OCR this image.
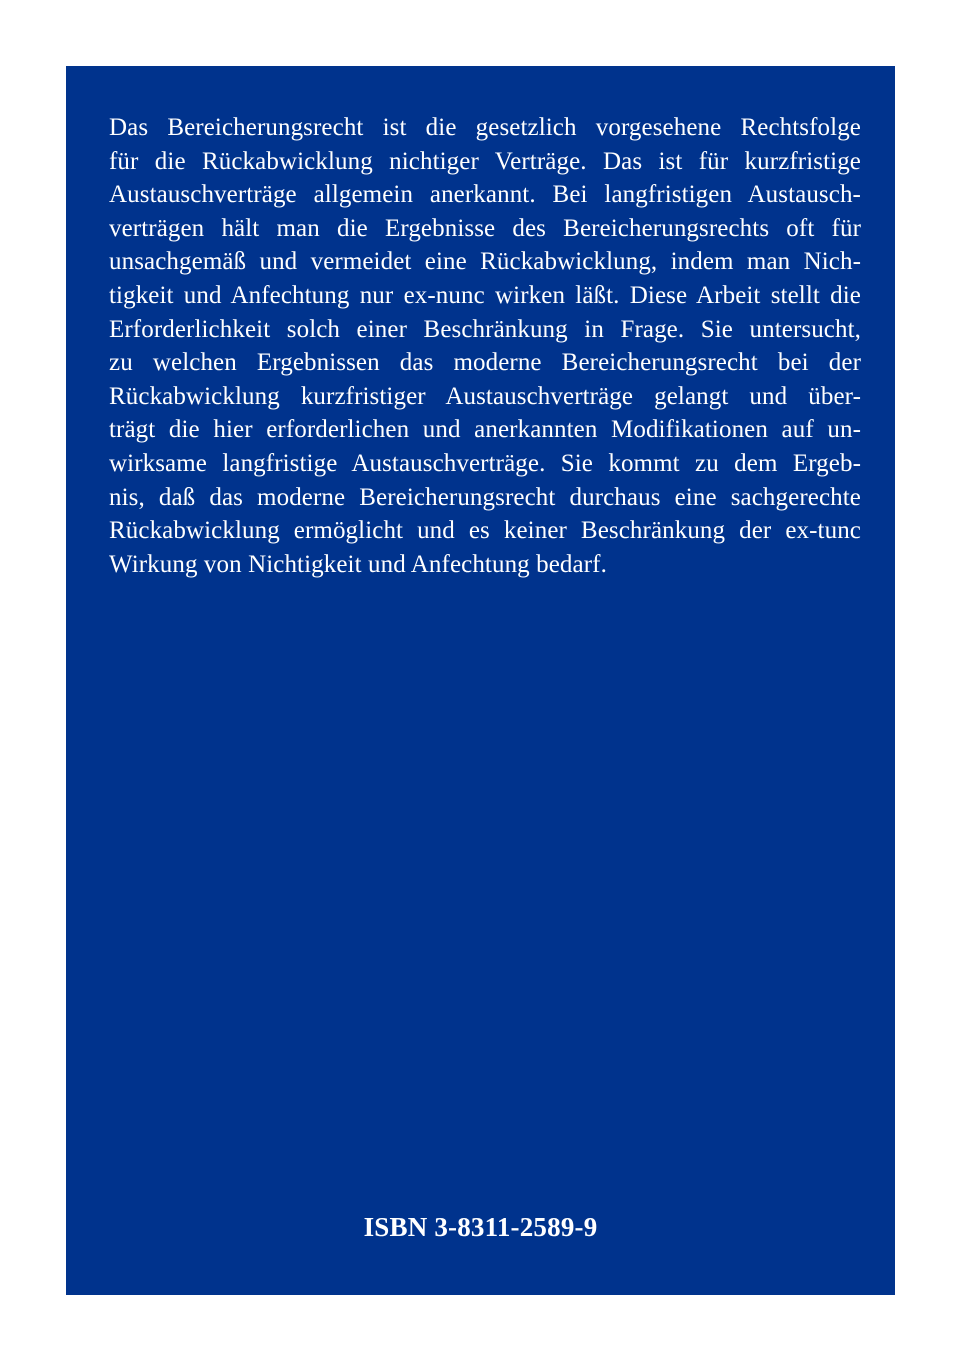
Das Bereicherungsrecht ist die gesetzlich vorgesehene Rechtsfolge
für die Rückabwicklung nichtiger Verträge. Das ist für kurzfristige
Austauschverträge allgemein anerkannt. Bei langfristigen Austausch-
verträgen hält man die Ergebnisse des Bereicherungsrechts oft für
unsachgemäß und vermeidet eine Rückabwicklung, indem man Nich-
tigkeit und Anfechtung nur ex-nunc wirken läßt. Diese Arbeit stellt die
Erforderlichkeit solch einer Beschränkung in Frage. Sie untersucht,
zu welchen Ergebnissen das moderne Bereicherungsrecht bei der
Rückabwicklung kurzfristiger Austauschverträge gelangt und über-
trägt die hier erforderlichen und anerkannten Modifikationen auf un-
wirksame langfristige Austauschverträge. Sie kommt zu dem Ergeb-
nis, daß das moderne Bereicherungsrecht durchaus eine sachgerechte
Rückabwicklung ermöglicht und es keiner Beschränkung der ex-tunc
Wirkung von Nichtigkeit und Anfechtung bedarf.

ISBN 3-8311-2589-9
